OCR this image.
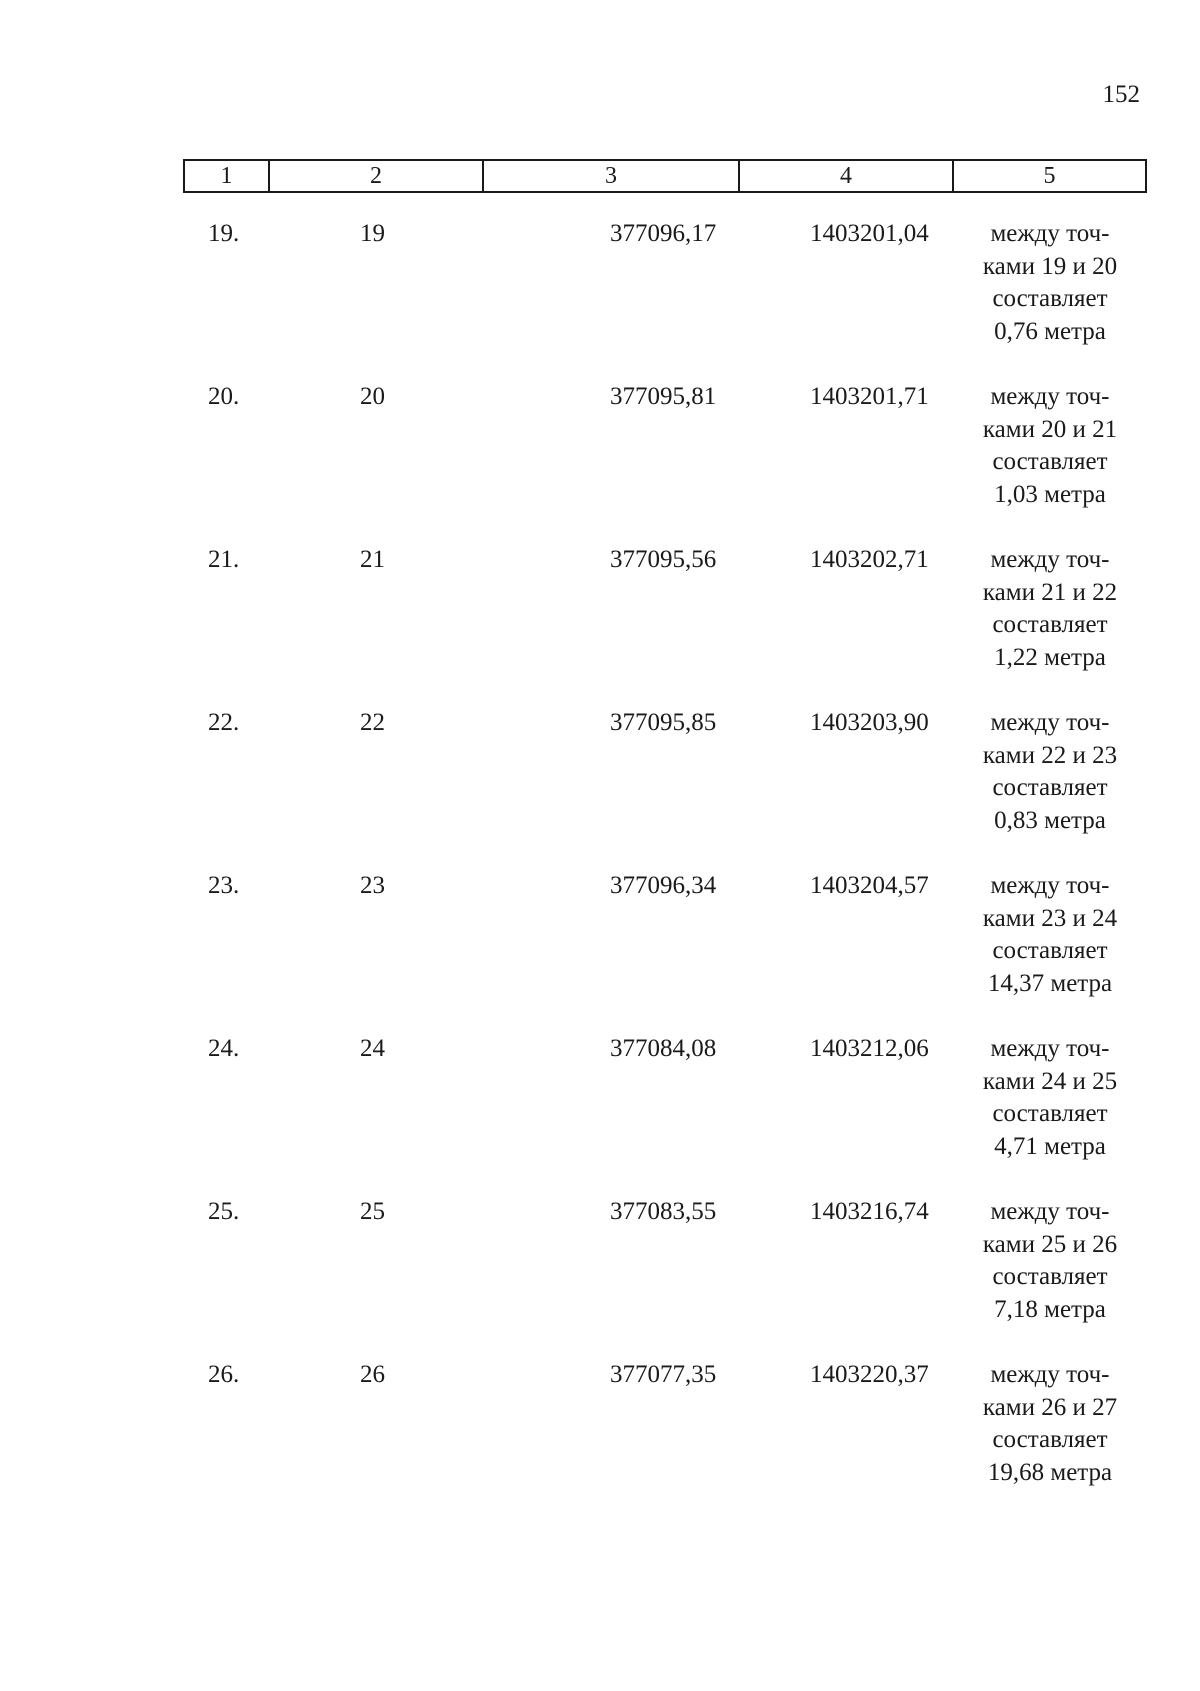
152
1	2	3	4	5
19.	19	377096,17	1403201,04	между точ-
ками 19 и 20
составляет
0,76 метра
20.	20	377095,81	1403201,71	между точ-
ками 20 и 21
составляет
1,03 метра
21.	21	377095,56	1403202,71	между точ-
ками 21 и 22
составляет
1,22 метра
22.	22	377095,85	1403203,90	между точ-
ками 22 и 23
составляет
0,83 метра
23.	23	377096,34	1403204,57	между точ-
ками 23 и 24
составляет
14,37 метра
24.	24	377084,08	1403212,06	между точ-
ками 24 и 25
составляет
4,71 метра
25.	25	377083,55	1403216,74	между точ-
ками 25 и 26
составляет
7,18 метра
26.	26	377077,35	1403220,37	между точ-
ками 26 и 27
составляет
19,68 метра
